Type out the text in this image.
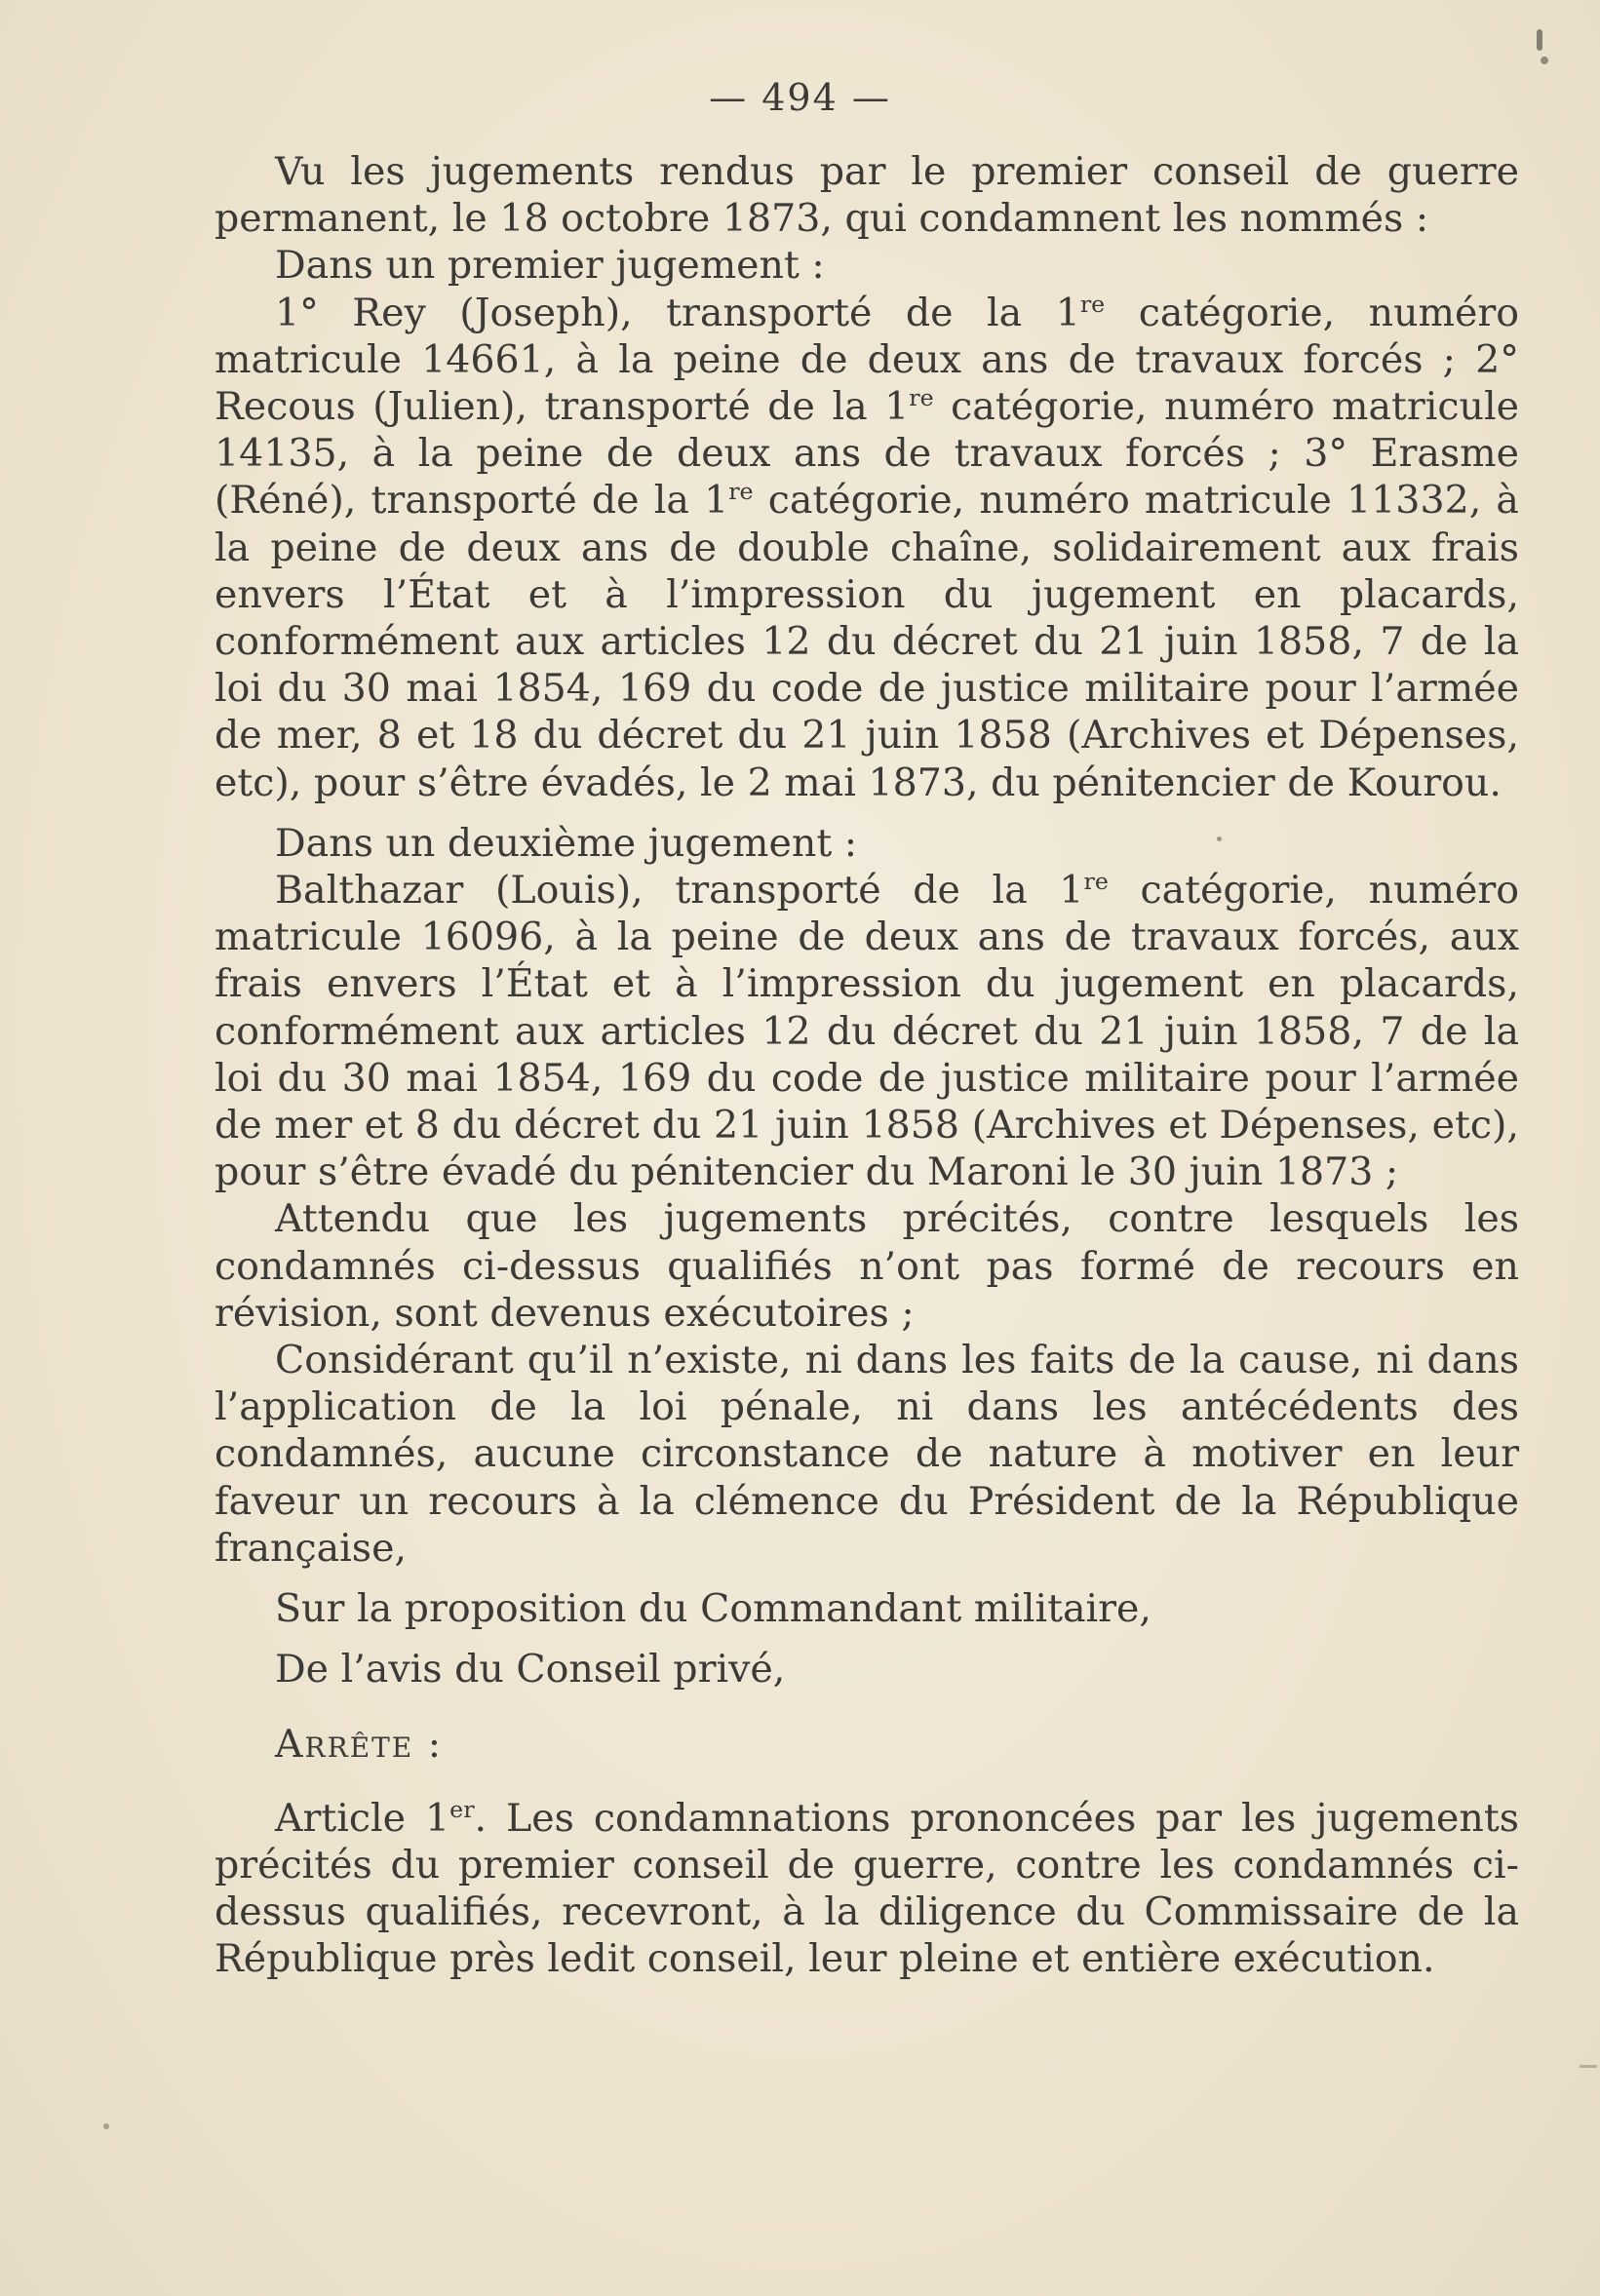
— 494 —

Vu les jugements rendus par le premier conseil de guerre permanent, le 18 octobre 1873, qui condamnent les nommés :

Dans un premier jugement :

1° Rey (Joseph), transporté de la 1re catégorie, numéro matricule 14661, à la peine de deux ans de travaux forcés ; 2° Recous (Julien), transporté de la 1re catégorie, numéro matricule 14135, à la peine de deux ans de travaux forcés ; 3° Erasme (Réné), transporté de la 1re catégorie, numéro matricule 11332, à la peine de deux ans de double chaîne, solidairement aux frais envers l’État et à l’impression du jugement en placards, conformément aux articles 12 du décret du 21 juin 1858, 7 de la loi du 30 mai 1854, 169 du code de justice militaire pour l’armée de mer, 8 et 18 du décret du 21 juin 1858 (Archives et Dépenses, etc), pour s’être évadés, le 2 mai 1873, du pénitencier de Kourou.

Dans un deuxième jugement :

Balthazar (Louis), transporté de la 1re catégorie, numéro matricule 16096, à la peine de deux ans de travaux forcés, aux frais envers l’État et à l’impression du jugement en placards, conformément aux articles 12 du décret du 21 juin 1858, 7 de la loi du 30 mai 1854, 169 du code de justice militaire pour l’armée de mer et 8 du décret du 21 juin 1858 (Archives et Dépenses, etc), pour s’être évadé du pénitencier du Maroni le 30 juin 1873 ;

Attendu que les jugements précités, contre lesquels les condamnés ci-dessus qualifiés n’ont pas formé de recours en révision, sont devenus exécutoires ;

Considérant qu’il n’existe, ni dans les faits de la cause, ni dans l’application de la loi pénale, ni dans les antécédents des condamnés, aucune circonstance de nature à motiver en leur faveur un recours à la clémence du Président de la République française,

Sur la proposition du Commandant militaire,

De l’avis du Conseil privé,

Arrête :

Article 1er. Les condamnations prononcées par les jugements précités du premier conseil de guerre, contre les condamnés ci-dessus qualifiés, recevront, à la diligence du Commissaire de la République près ledit conseil, leur pleine et entière exécution.
